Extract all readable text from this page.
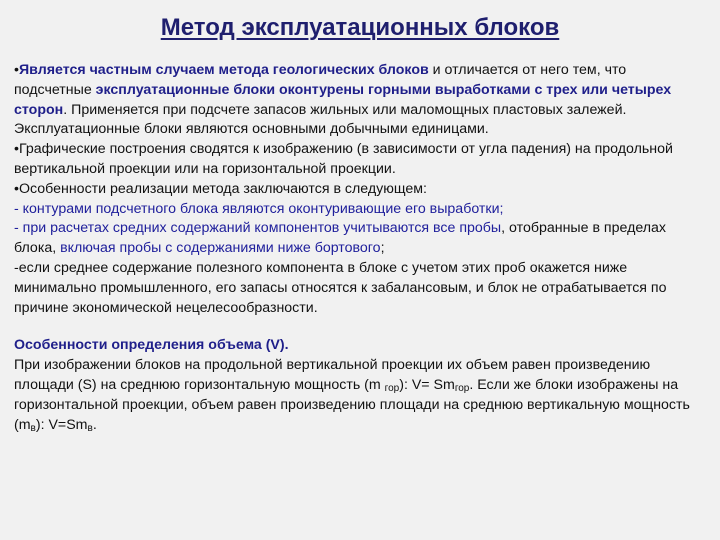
Метод эксплуатационных блоков

•Является частным случаем метода геологических блоков и отличается от него тем, что подсчетные эксплуатационные блоки оконтурены горными выработками с трех или четырех сторон. Применяется при подсчете запасов жильных или маломощных пластовых залежей. Эксплуатационные блоки являются основными добычными единицами.

•Графические построения сводятся к изображению (в зависимости от угла падения) на продольной вертикальной проекции или на горизонтальной проекции.

•Особенности реализации метода заключаются в следующем:

- контурами подсчетного блока являются оконтуривающие его выработки;

- при расчетах средних содержаний компонентов учитываются все пробы, отобранные в пределах блока, включая пробы с содержаниями ниже бортового;

-если среднее содержание полезного компонента в блоке с учетом этих проб окажется ниже минимально промышленного, его запасы относятся к забалансовым, и блок не отрабатывается по причине экономической нецелесообразности.

Особенности определения объема (V).

При изображении блоков на продольной вертикальной проекции их объем равен произведению площади (S) на среднюю горизонтальную мощность (m $_{гор}$): $V= Sm_{гор}$. Если же блоки изображены на горизонтальной проекции, объем равен произведению площади на среднюю вертикальную мощность $(m_в)$: $V=Sm_в$.
